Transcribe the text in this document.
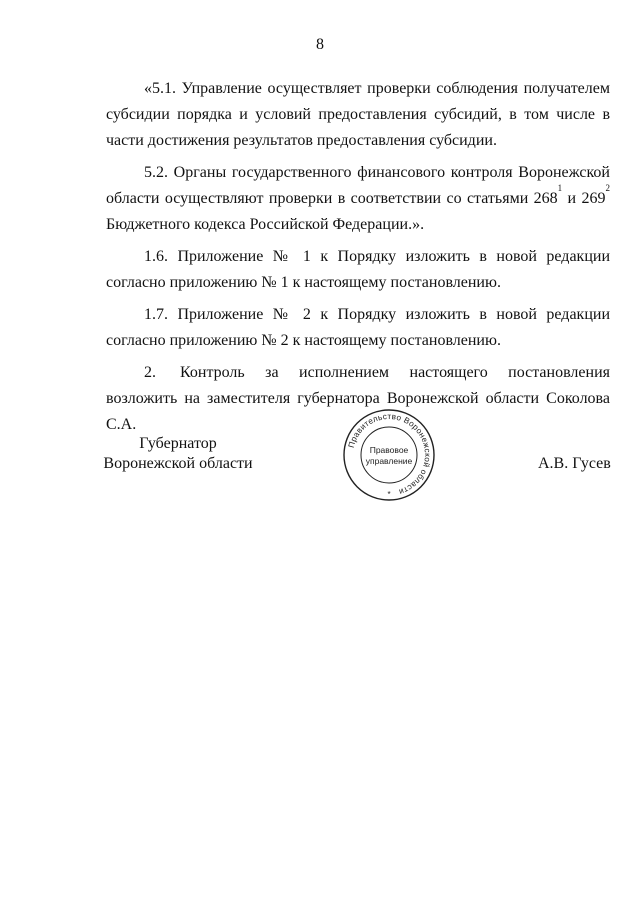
8

«5.1. Управление осуществляет проверки соблюдения получателем субсидии порядка и условий предоставления субсидий, в том числе в части достижения результатов предоставления субсидии.

5.2. Органы государственного финансового контроля Воронежской области осуществляют проверки в соответствии со статьями $268^1$ и $269^2$ Бюджетного кодекса Российской Федерации.».

1.6. Приложение № 1 к Порядку изложить в новой редакции согласно приложению № 1 к настоящему постановлению.

1.7. Приложение № 2 к Порядку изложить в новой редакции согласно приложению № 2 к настоящему постановлению.

2. Контроль за исполнением настоящего постановления возложить на заместителя губернатора Воронежской области Соколова С.А.

Губернатор
Воронежской области
Правительство Воронежской области
Правовое
управление
*
А.В. Гусев
